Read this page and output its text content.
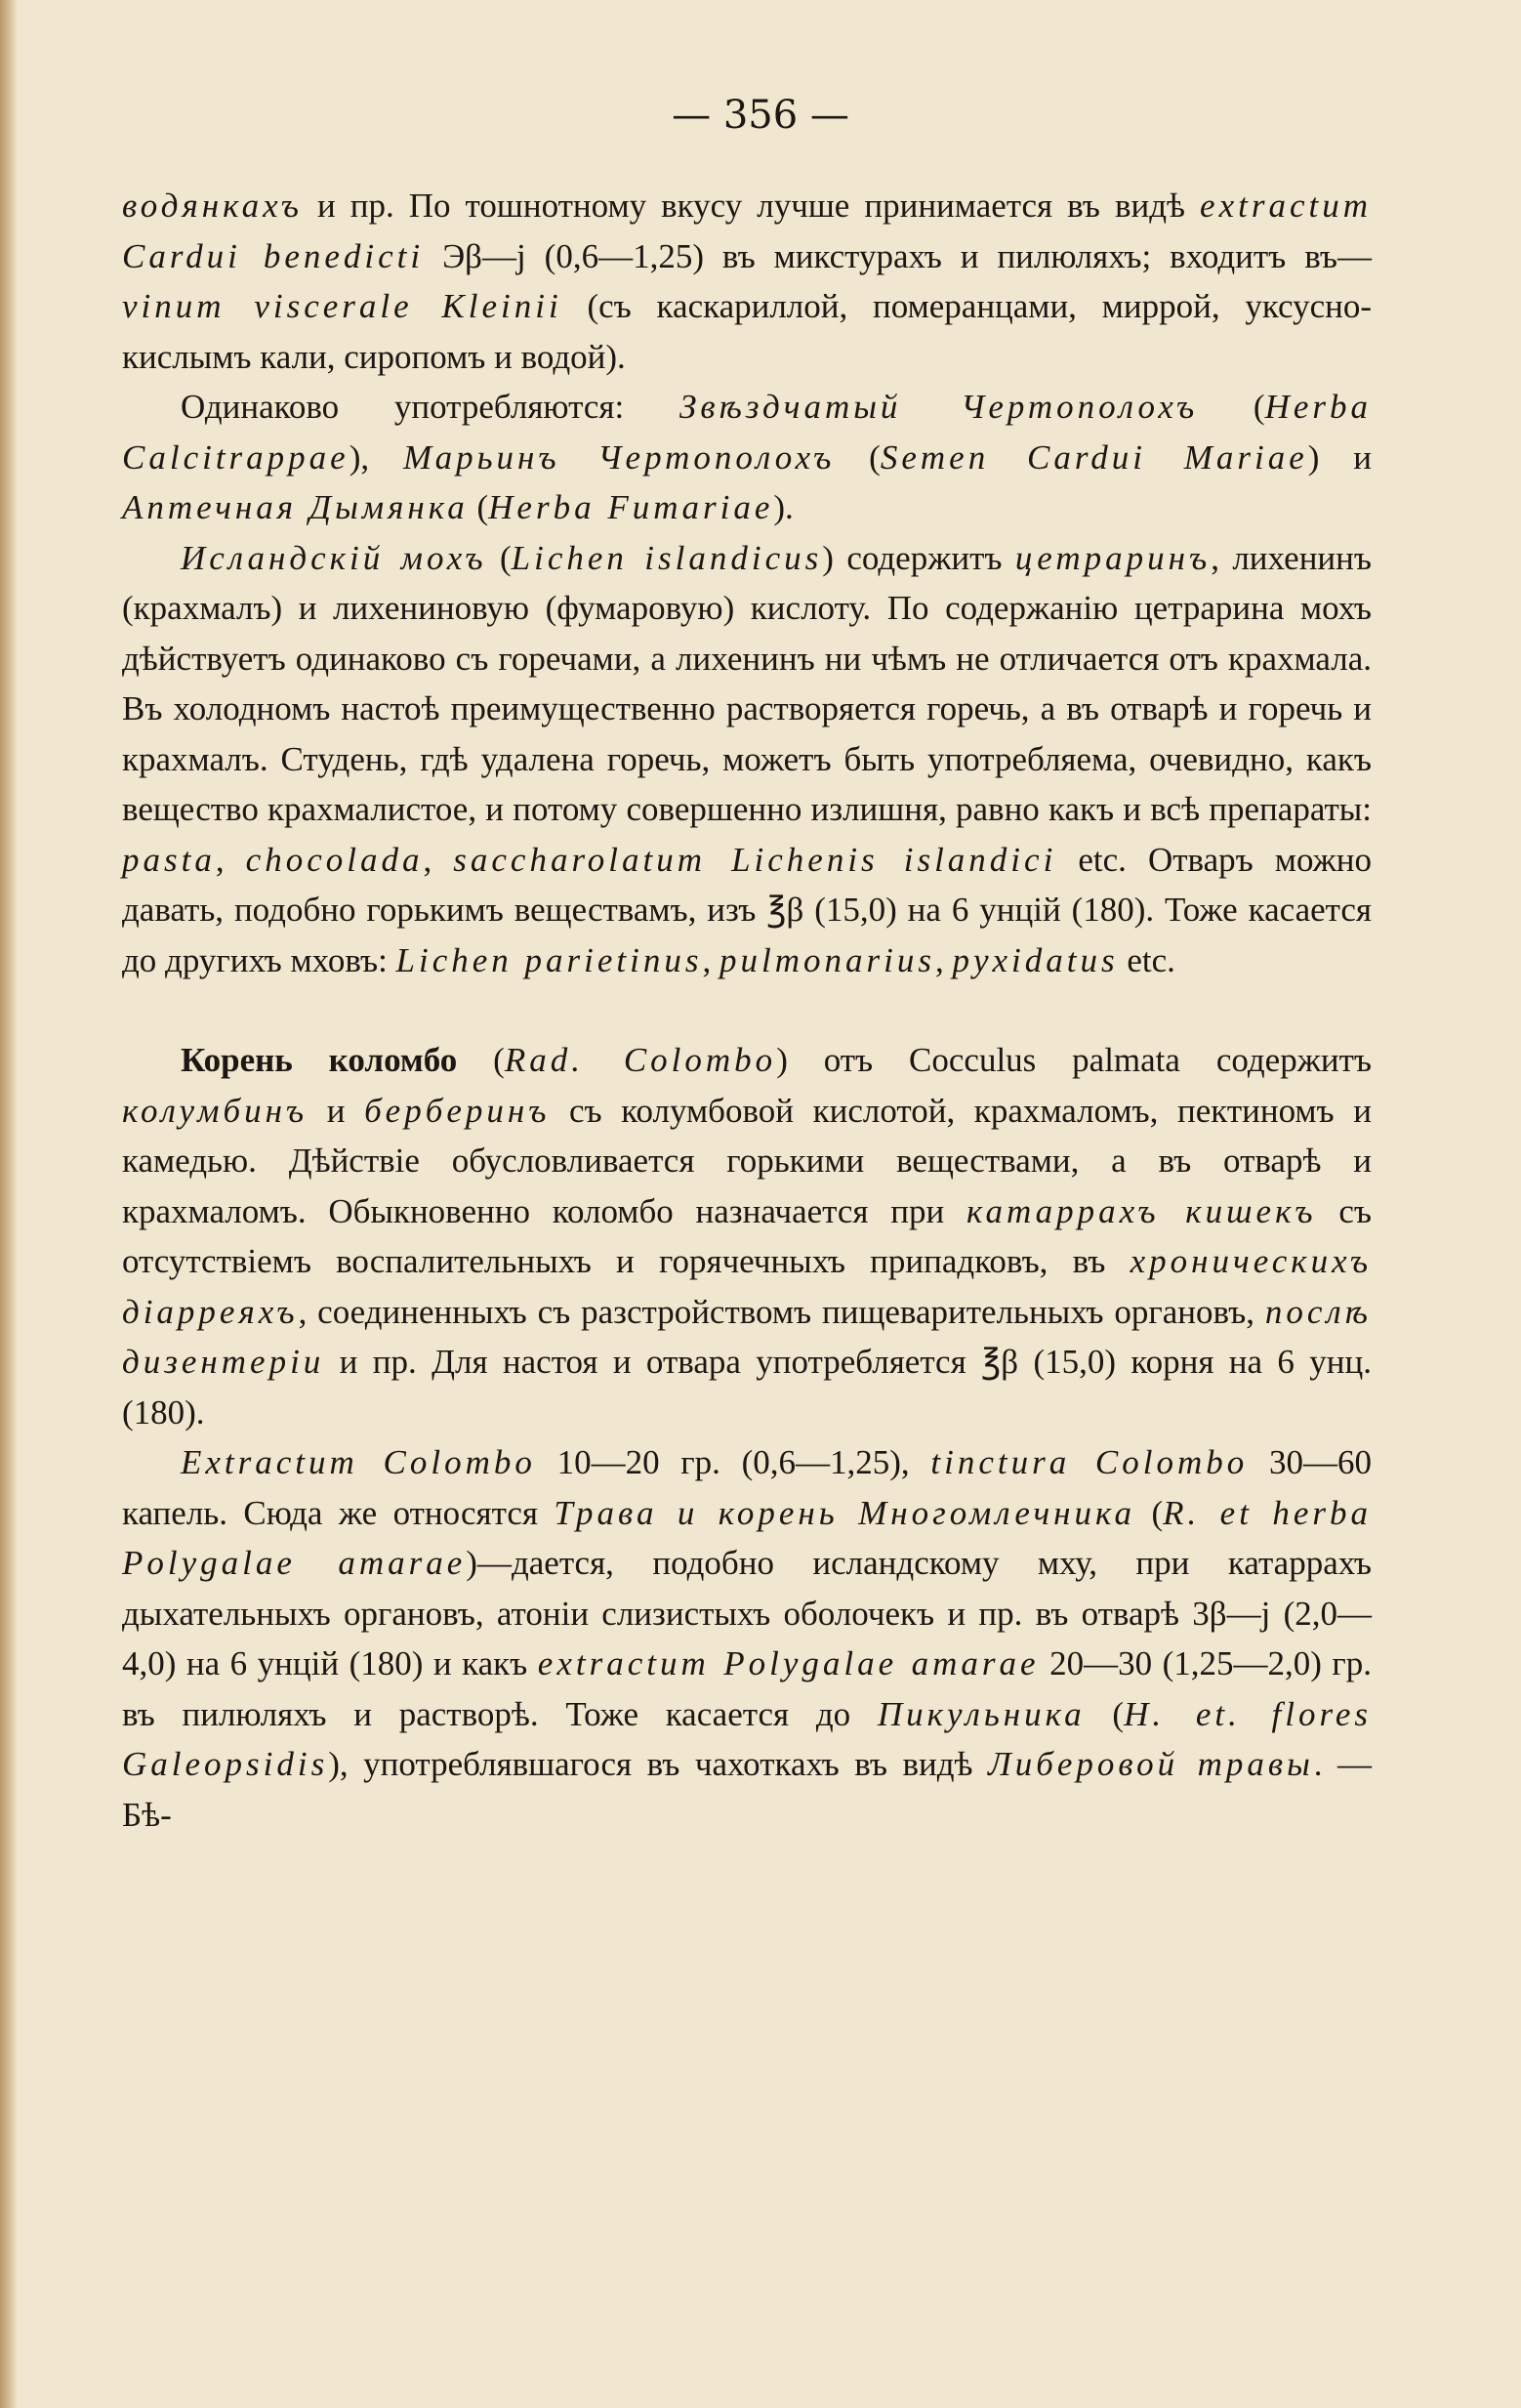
— 356 —

водянкахъ и пр. По тошнотному вкусу лучше принимается въ видѣ extractum Cardui benedicti Эβ—j (0,6—1,25) въ микстурахъ и пилюляхъ; входитъ въ—vinum viscerale Kleinii (съ каскариллой, померанцами, миррой, уксусно-кислымъ кали, сиропомъ и водой).

Одинаково употребляются: Звѣздчатый Чертополохъ (Herba Calcitrappae), Марьинъ Чертополохъ (Semen Cardui Mariae) и Аптечная Дымянка (Herba Fumariae).

Исландскій мохъ (Lichen islandicus) содержитъ цетраринъ, лихенинъ (крахмалъ) и лихениновую (фумаровую) кислоту. По содержанію цетрарина мохъ дѣйствуетъ одинаково съ горечами, а лихенинъ ни чѣмъ не отличается отъ крахмала. Въ холодномъ настоѣ преимущественно растворяется горечь, а въ отварѣ и горечь и крахмалъ. Студень, гдѣ удалена горечь, можетъ быть употребляема, очевидно, какъ вещество крахмалистое, и потому совершенно излишня, равно какъ и всѣ препараты: pasta, chocolada, saccharolatum Lichenis islandici etc. Отваръ можно давать, подобно горькимъ веществамъ, изъ ℥β (15,0) на 6 унцій (180). Тоже касается до другихъ мховъ: Lichen parietinus, pulmonarius, pyxidatus etc.

Корень коломбо (Rad. Colombo) отъ Cocculus palmata содержитъ колумбинъ и берберинъ съ колумбовой кислотой, крахмаломъ, пектиномъ и камедью. Дѣйствіе обусловливается горькими веществами, а въ отварѣ и крахмаломъ. Обыкновенно коломбо назначается при катаррахъ кишекъ съ отсутствіемъ воспалительныхъ и горячечныхъ припадковъ, въ хроническихъ діарреяхъ, соединенныхъ съ разстройствомъ пищеварительныхъ органовъ, послѣ дизентеріи и пр. Для настоя и отвара употребляется ℥β (15,0) корня на 6 унц. (180).

Extractum Colombo 10—20 гр. (0,6—1,25), tinctura Colombo 30—60 капель. Сюда же относятся Трава и корень Многомлечника (R. et herba Polygalae amarae)—дается, подобно исландскому мху, при катаррахъ дыхательныхъ органовъ, атоніи слизистыхъ оболочекъ и пр. въ отварѣ 3β—j (2,0—4,0) на 6 унцій (180) и какъ extractum Polygalae amarae 20—30 (1,25—2,0) гр. въ пилюляхъ и растворѣ. Тоже касается до Пикульника (H. et. flores Galeopsidis), употреблявшагося въ чахоткахъ въ видѣ Либеровой травы. — Бѣ-
